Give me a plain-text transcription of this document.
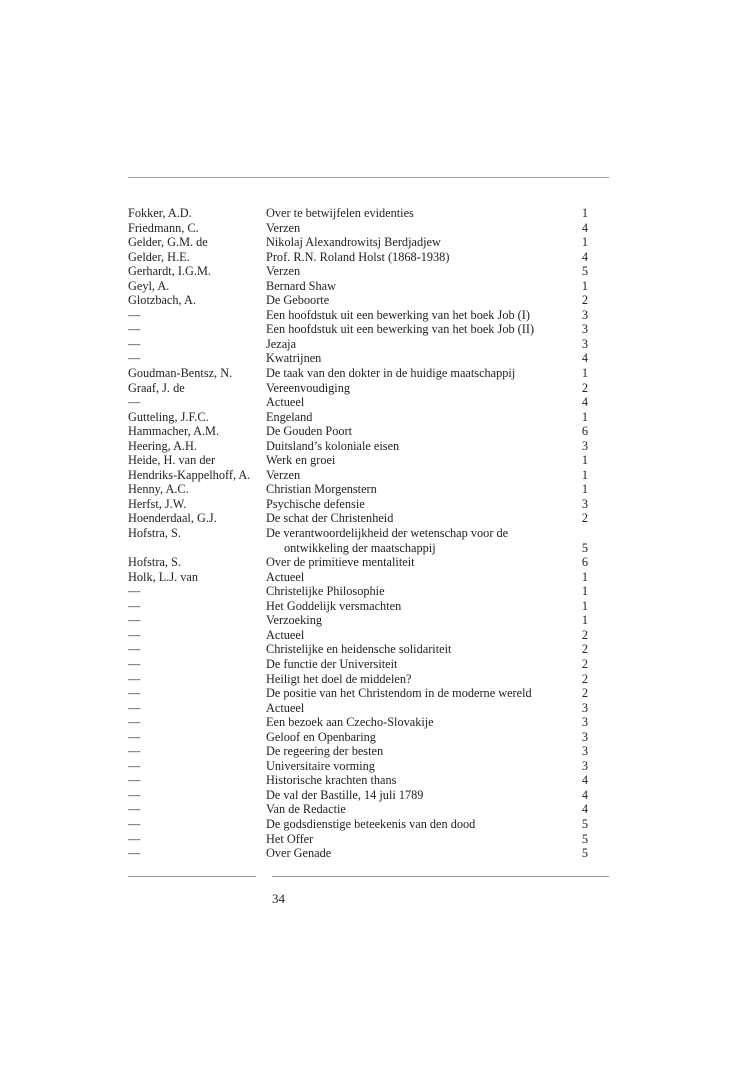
Fokker, A.D.	Over te betwijfelen evidenties	1
Friedmann, C.	Verzen	4
Gelder, G.M. de	Nikolaj Alexandrowitsj Berdjadjew	1
Gelder, H.E.	Prof. R.N. Roland Holst (1868-1938)	4
Gerhardt, I.G.M.	Verzen	5
Geyl, A.	Bernard Shaw	1
Glotzbach, A.	De Geboorte	2
—	Een hoofdstuk uit een bewerking van het boek Job (I)	3
—	Een hoofdstuk uit een bewerking van het boek Job (II)	3
—	Jezaja	3
—	Kwatrijnen	4
Goudman-Bentsz, N.	De taak van den dokter in de huidige maatschappij	1
Graaf, J. de	Vereenvoudiging	2
—	Actueel	4
Gutteling, J.F.C.	Engeland	1
Hammacher, A.M.	De Gouden Poort	6
Heering, A.H.	Duitsland’s koloniale eisen	3
Heide, H. van der	Werk en groei	1
Hendriks-Kappelhoff, A.	Verzen	1
Henny, A.C.	Christian Morgenstern	1
Herfst, J.W.	Psychische defensie	3
Hoenderdaal, G.J.	De schat der Christenheid	2
Hofstra, S.	De verantwoordelijkheid der wetenschap voor de
ontwikkeling der maatschappij	5
Hofstra, S.	Over de primitieve mentaliteit	6
Holk, L.J. van	Actueel	1
—	Christelijke Philosophie	1
—	Het Goddelijk versmachten	1
—	Verzoeking	1
—	Actueel	2
—	Christelijke en heidensche solidariteit	2
—	De functie der Universiteit	2
—	Heiligt het doel de middelen?	2
—	De positie van het Christendom in de moderne wereld	2
—	Actueel	3
—	Een bezoek aan Czecho-Slovakije	3
—	Geloof en Openbaring	3
—	De regeering der besten	3
—	Universitaire vorming	3
—	Historische krachten thans	4
—	De val der Bastille, 14 juli 1789	4
—	Van de Redactie	4
—	De godsdienstige beteekenis van den dood	5
—	Het Offer	5
—	Over Genade	5
34
